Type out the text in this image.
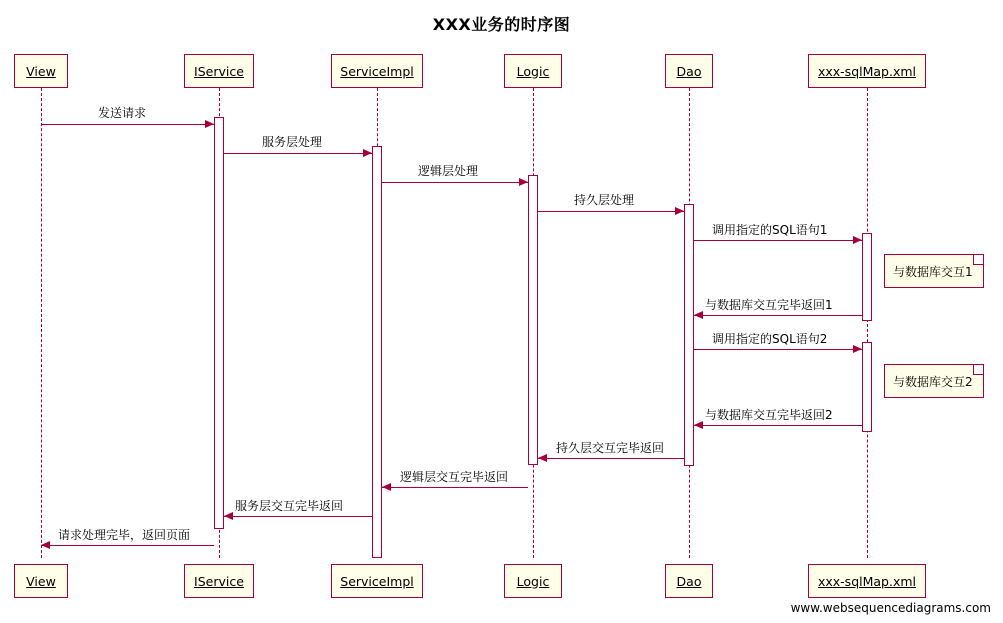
XXX业务的时序图
View	IService	ServiceImpl	Logic	Dao	xxx-sqlMap.xml
View	IService	ServiceImpl	Logic	Dao	xxx-sqlMap.xml
发送请求
服务层处理
逻辑层处理
持久层处理
调用指定的SQL语句1
与数据库交互完毕返回1
调用指定的SQL语句2
与数据库交互完毕返回2
持久层交互完毕返回
逻辑层交互完毕返回
服务层交互完毕返回
请求处理完毕，返回页面
与数据库交互1
与数据库交互2
www.websequencediagrams.com
